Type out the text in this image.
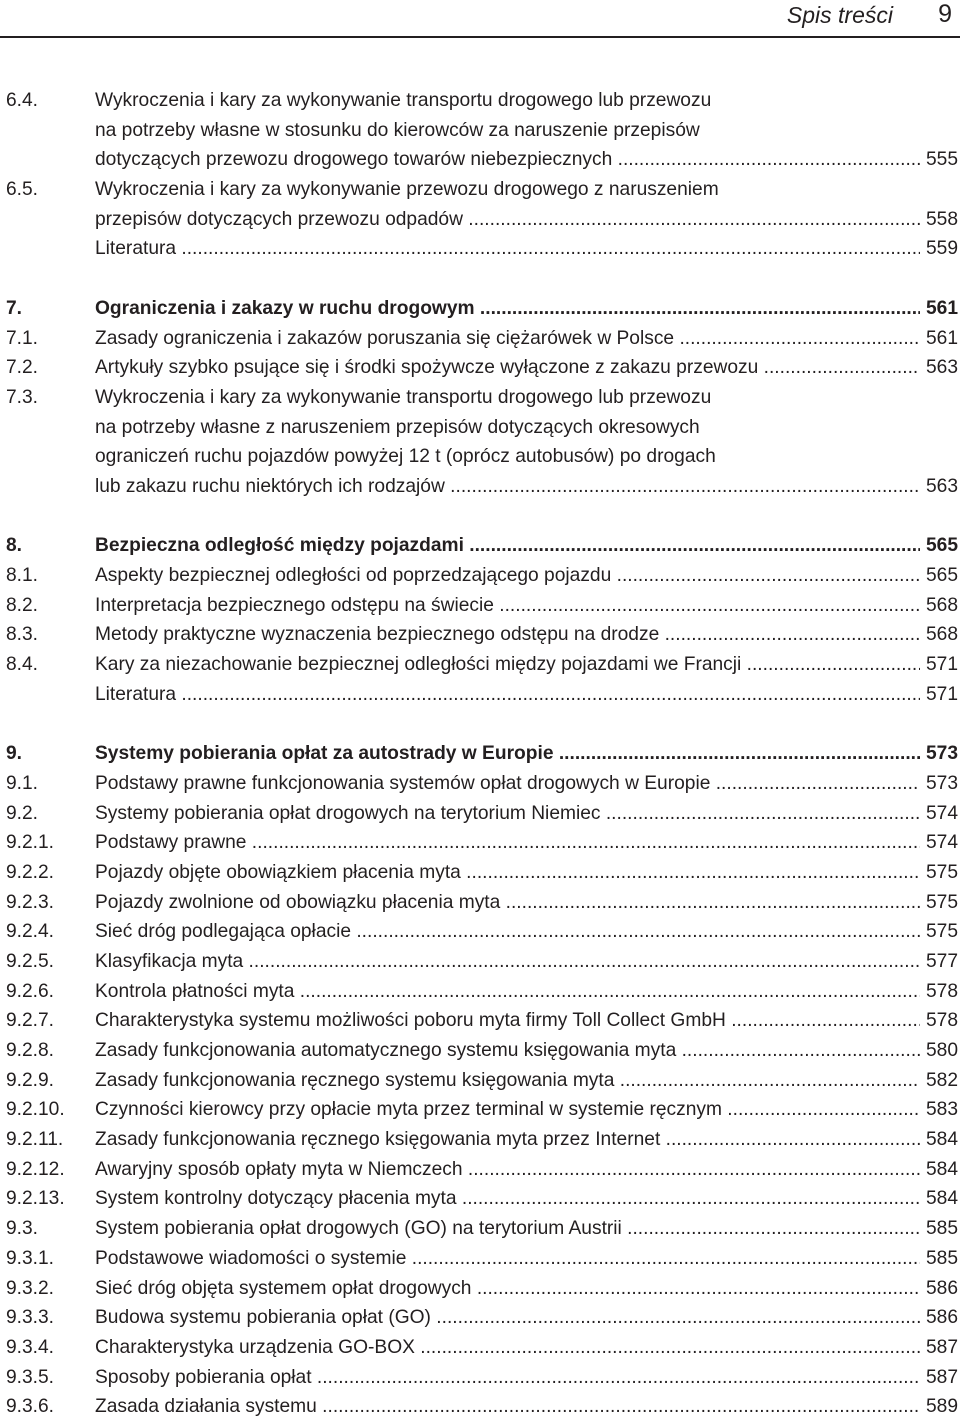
Spis treści 9
6.4.	Wykroczenia i kary za wykonywanie transportu drogowego lub przewozu
na potrzeby własne w stosunku do kierowców za naruszenie przepisów
dotyczących przewozu drogowego towarów niebezpiecznych .....	555
6.5.	Wykroczenia i kary za wykonywanie przewozu drogowego z naruszeniem
przepisów dotyczących przewozu odpadów .....	558
Literatura .....	559
7.	Ograniczenia i zakazy w ruchu drogowym .....	561
7.1.	Zasady ograniczenia i zakazów poruszania się ciężarówek w Polsce .....	561
7.2.	Artykuły szybko psujące się i środki spożywcze wyłączone z zakazu przewozu .....	563
7.3.	Wykroczenia i kary za wykonywanie transportu drogowego lub przewozu
na potrzeby własne z naruszeniem przepisów dotyczących okresowych
ograniczeń ruchu pojazdów powyżej 12 t (oprócz autobusów) po drogach
lub zakazu ruchu niektórych ich rodzajów .....	563
8.	Bezpieczna odległość między pojazdami .....	565
8.1.	Aspekty bezpiecznej odległości od poprzedzającego pojazdu .....	565
8.2.	Interpretacja bezpiecznego odstępu na świecie .....	568
8.3.	Metody praktyczne wyznaczenia bezpiecznego odstępu na drodze .....	568
8.4.	Kary za niezachowanie bezpiecznej odległości między pojazdami we Francji .....	571
Literatura .....	571
9.	Systemy pobierania opłat za autostrady w Europie .....	573
9.1.	Podstawy prawne funkcjonowania systemów opłat drogowych w Europie .....	573
9.2.	Systemy pobierania opłat drogowych na terytorium Niemiec .....	574
9.2.1. Podstawy prawne .....	574
9.2.2. Pojazdy objęte obowiązkiem płacenia myta .....	575
9.2.3. Pojazdy zwolnione od obowiązku płacenia myta .....	575
9.2.4. Sieć dróg podlegająca opłacie .....	575
9.2.5. Klasyfikacja myta .....	577
9.2.6. Kontrola płatności myta .....	578
9.2.7. Charakterystyka systemu możliwości poboru myta firmy Toll Collect GmbH .....	578
9.2.8. Zasady funkcjonowania automatycznego systemu księgowania myta .....	580
9.2.9. Zasady funkcjonowania ręcznego systemu księgowania myta .....	582
9.2.10. Czynności kierowcy przy opłacie myta przez terminal w systemie ręcznym .....	583
9.2.11. Zasady funkcjonowania ręcznego księgowania myta przez Internet .....	584
9.2.12. Awaryjny sposób opłaty myta w Niemczech .....	584
9.2.13. System kontrolny dotyczący płacenia myta .....	584
9.3.	System pobierania opłat drogowych (GO) na terytorium Austrii .....	585
9.3.1. Podstawowe wiadomości o systemie .....	585
9.3.2. Sieć dróg objęta systemem opłat drogowych .....	586
9.3.3. Budowa systemu pobierania opłat (GO) .....	586
9.3.4. Charakterystyka urządzenia GO-BOX .....	587
9.3.5. Sposoby pobierania opłat .....	587
9.3.6. Zasada działania systemu .....	589
